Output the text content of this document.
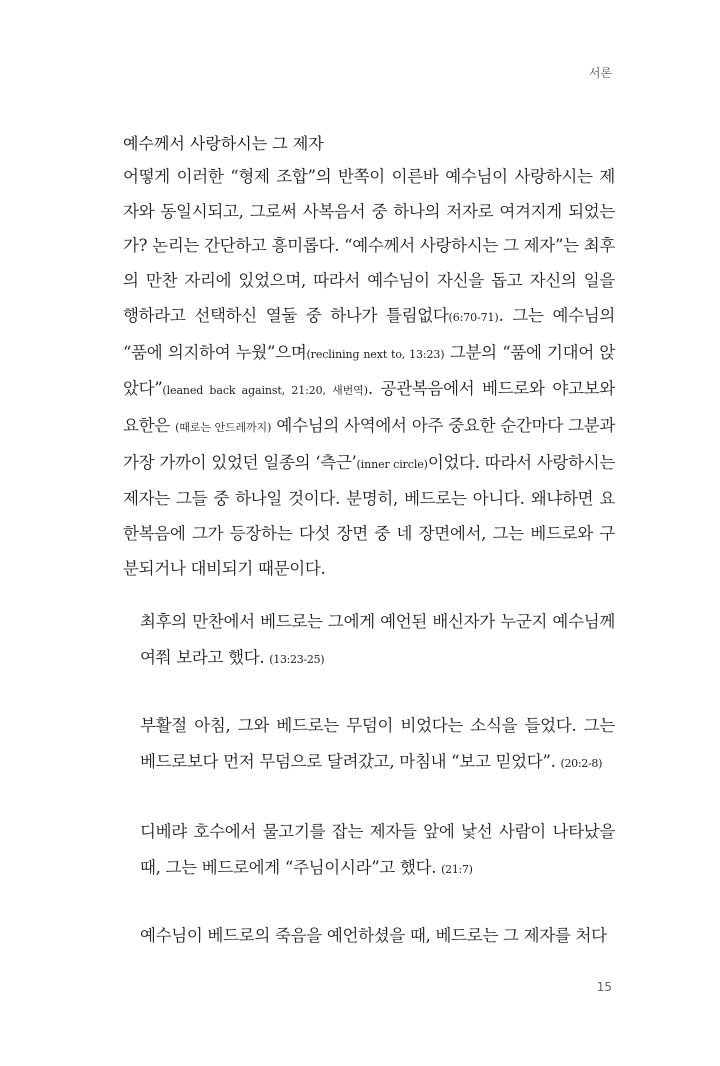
서론
예수께서 사랑하시는 그 제자

어떻게 이러한 “형제 조합”의 반쪽이 이른바 예수님이 사랑하시는 제자와 동일시되고, 그로써 사복음서 중 하나의 저자로 여겨지게 되었는가? 논리는 간단하고 흥미롭다. “예수께서 사랑하시는 그 제자”는 최후의 만찬 자리에 있었으며, 따라서 예수님이 자신을 돕고 자신의 일을 행하라고 선택하신 열둘 중 하나가 틀림없다(6:70-71). 그는 예수님의 “품에 의지하여 누웠”으며(reclining next to, 13:23) 그분의 “품에 기대어 앉았다”(leaned back against, 21:20, 새번역). 공관복음에서 베드로와 야고보와 요한은 (때로는 안드레까지) 예수님의 사역에서 아주 중요한 순간마다 그분과 가장 가까이 있었던 일종의 ‘측근’(inner circle)이었다. 따라서 사랑하시는 제자는 그들 중 하나일 것이다. 분명히, 베드로는 아니다. 왜냐하면 요한복음에 그가 등장하는 다섯 장면 중 네 장면에서, 그는 베드로와 구분되거나 대비되기 때문이다.

최후의 만찬에서 베드로는 그에게 예언된 배신자가 누군지 예수님께 여쭤 보라고 했다. (13:23-25)

부활절 아침, 그와 베드로는 무덤이 비었다는 소식을 들었다. 그는 베드로보다 먼저 무덤으로 달려갔고, 마침내 “보고 믿었다”. (20:2-8)

디베랴 호수에서 물고기를 잡는 제자들 앞에 낯선 사람이 나타났을 때, 그는 베드로에게 “주님이시라”고 했다. (21:7)

예수님이 베드로의 죽음을 예언하셨을 때, 베드로는 그 제자를 처다

15
